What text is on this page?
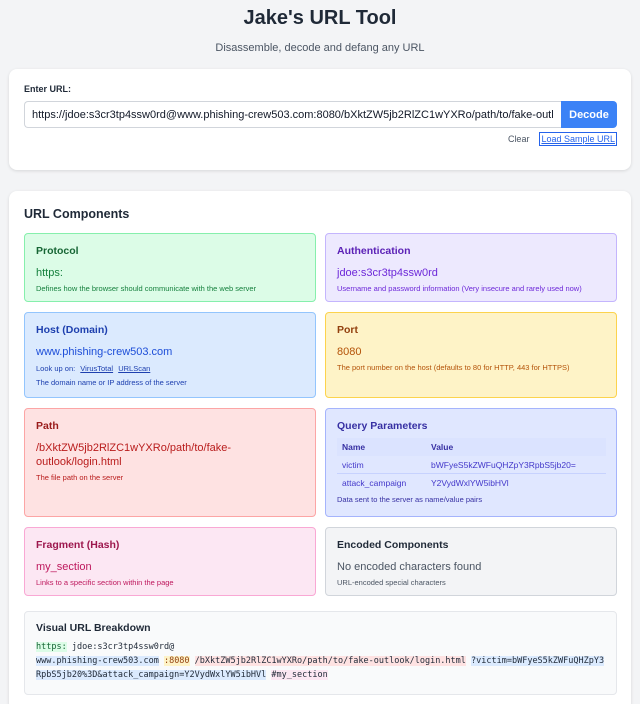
Jake's URL Tool
Disassemble, decode and defang any URL
Enter URL:
https://jdoe:s3cr3tp4ssw0rd@www.phishing-crew503.com:8080/bXktZW5jb2RlZC1wYXRo/path/to/fake-outlook/login.html?victim=bWFyeS5kZWFuQHZpY3RpbS5jb20%3D&attack_campaign=Y2VydWxlYW5ibHVl#my_section
Decode
Clear Load Sample URL
URL Components
Protocol
https:
Defines how the browser should communicate with the web server
Authentication
jdoe:s3cr3tp4ssw0rd
Username and password information (Very insecure and rarely used now)
Host (Domain)
www.phishing-crew503.com
Look up on: VirusTotal URLScan
The domain name or IP address of the server
Port
8080
The port number on the host (defaults to 80 for HTTP, 443 for HTTPS)
Path
/bXktZW5jb2RlZC1wYXRo/path/to/fake-outlook/login.html
The file path on the server
Query Parameters
Name	Value
victim	bWFyeS5kZWFuQHZpY3RpbS5jb20=
attack_campaign	Y2VydWxlYW5ibHVl
Data sent to the server as name/value pairs
Fragment (Hash)
my_section
Links to a specific section within the page
Encoded Components
No encoded characters found
URL-encoded special characters
Visual URL Breakdown
https: jdoe:s3cr3tp4ssw0rd@
www.phishing-crew503.com :8080 /bXktZW5jb2RlZC1wYXRo/path/to/fake-outlook/login.html ?victim=bWFyeS5kZWFuQHZpY3RpbS5jb20%3D&attack_campaign=Y2VydWxlYW5ibHVl #my_section
